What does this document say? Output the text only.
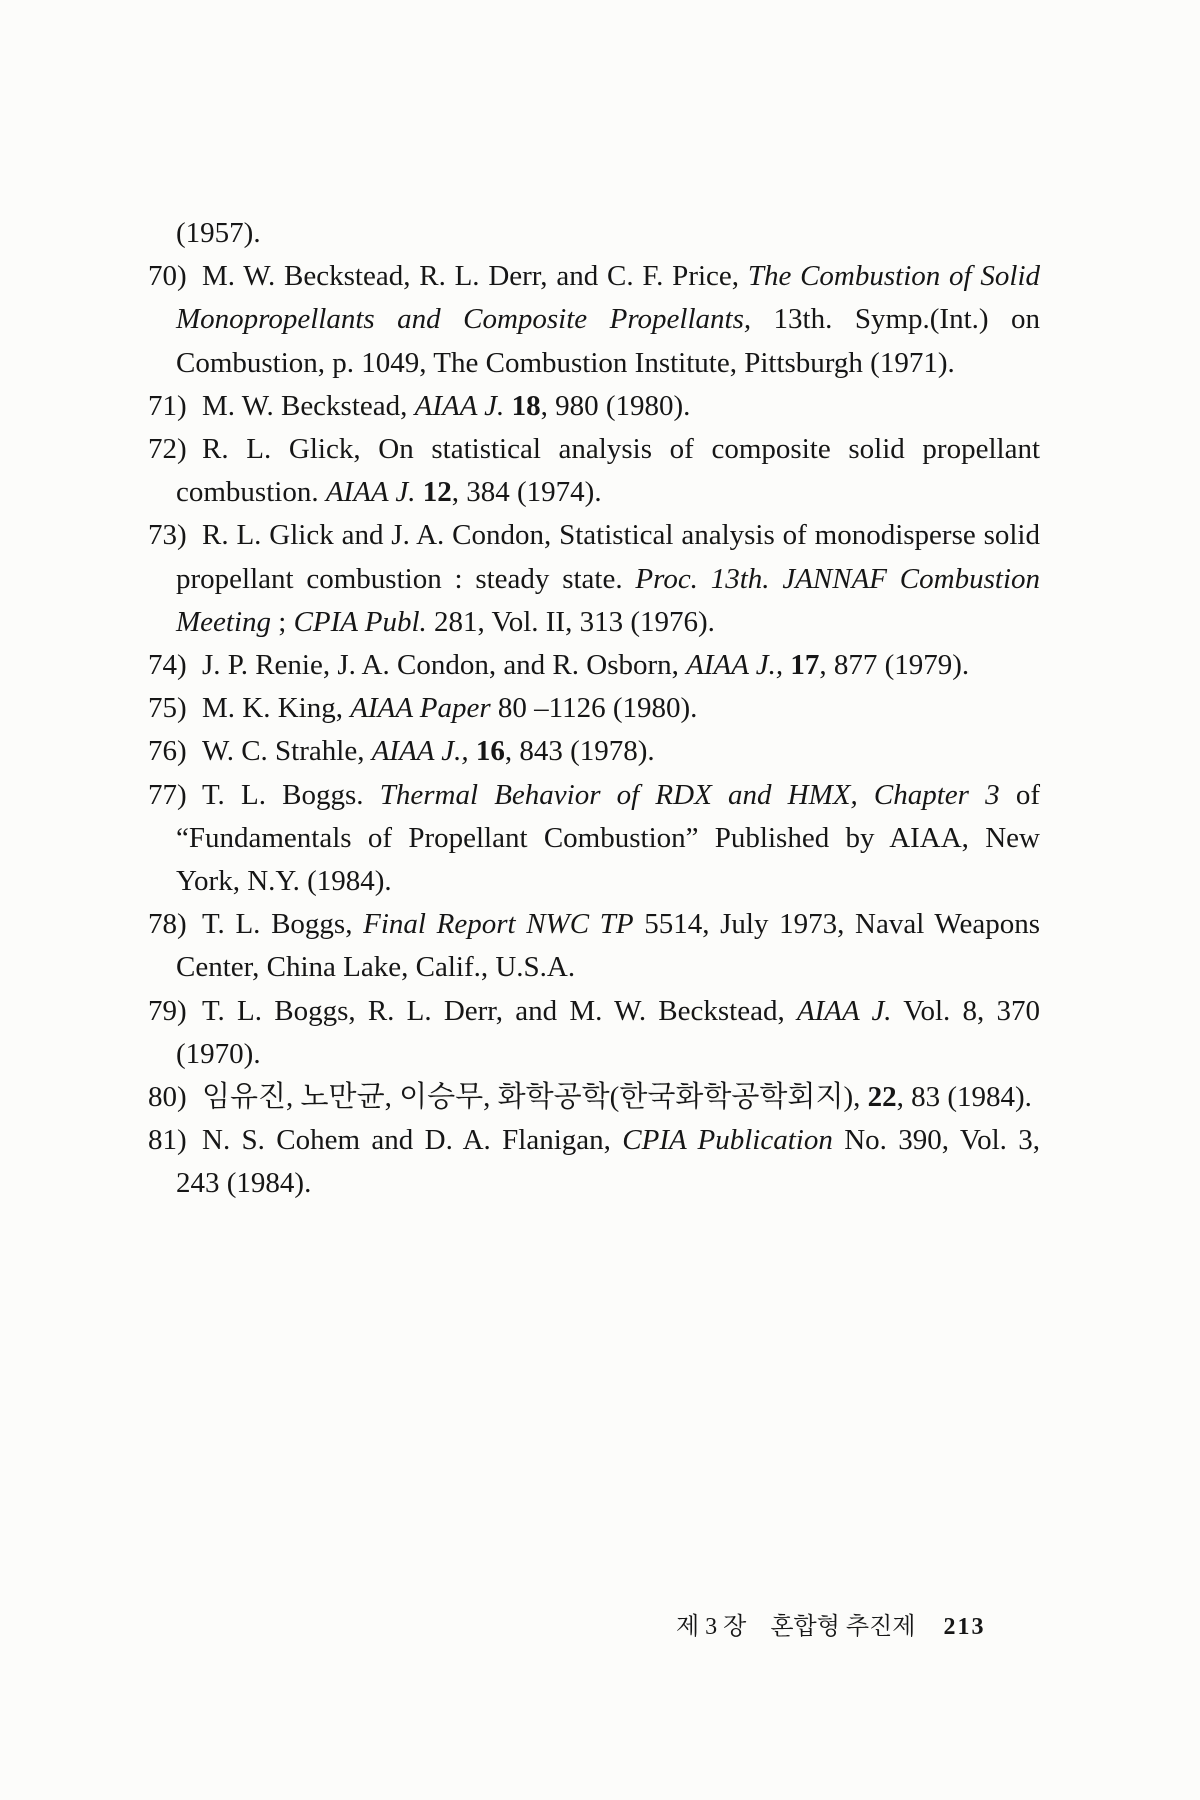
(1957).

70) M. W. Beckstead, R. L. Derr, and C. F. Price, The Combustion of Solid Monopropellants and Composite Propellants, 13th. Symp.(Int.) on Combustion, p. 1049, The Combustion Institute, Pittsburgh (1971).

71) M. W. Beckstead, AIAA J. 18, 980 (1980).

72) R. L. Glick, On statistical analysis of composite solid propellant combustion. AIAA J. 12, 384 (1974).

73) R. L. Glick and J. A. Condon, Statistical analysis of monodisperse solid propellant combustion : steady state. Proc. 13th. JANNAF Combustion Meeting ; CPIA Publ. 281, Vol. II, 313 (1976).

74) J. P. Renie, J. A. Condon, and R. Osborn, AIAA J., 17, 877 (1979).

75) M. K. King, AIAA Paper 80 –1126 (1980).

76) W. C. Strahle, AIAA J., 16, 843 (1978).

77) T. L. Boggs. Thermal Behavior of RDX and HMX, Chapter 3 of “Fundamentals of Propellant Combustion” Published by AIAA, New York, N.Y. (1984).

78) T. L. Boggs, Final Report NWC TP 5514, July 1973, Naval Weapons Center, China Lake, Calif., U.S.A.

79) T. L. Boggs, R. L. Derr, and M. W. Beckstead, AIAA J. Vol. 8, 370 (1970).

80) 임유진, 노만균, 이승무, 화학공학(한국화학공학회지), 22, 83 (1984).

81) N. S. Cohem and D. A. Flanigan, CPIA Publication No. 390, Vol. 3, 243 (1984).

제 3 장 혼합형 추진제 213
